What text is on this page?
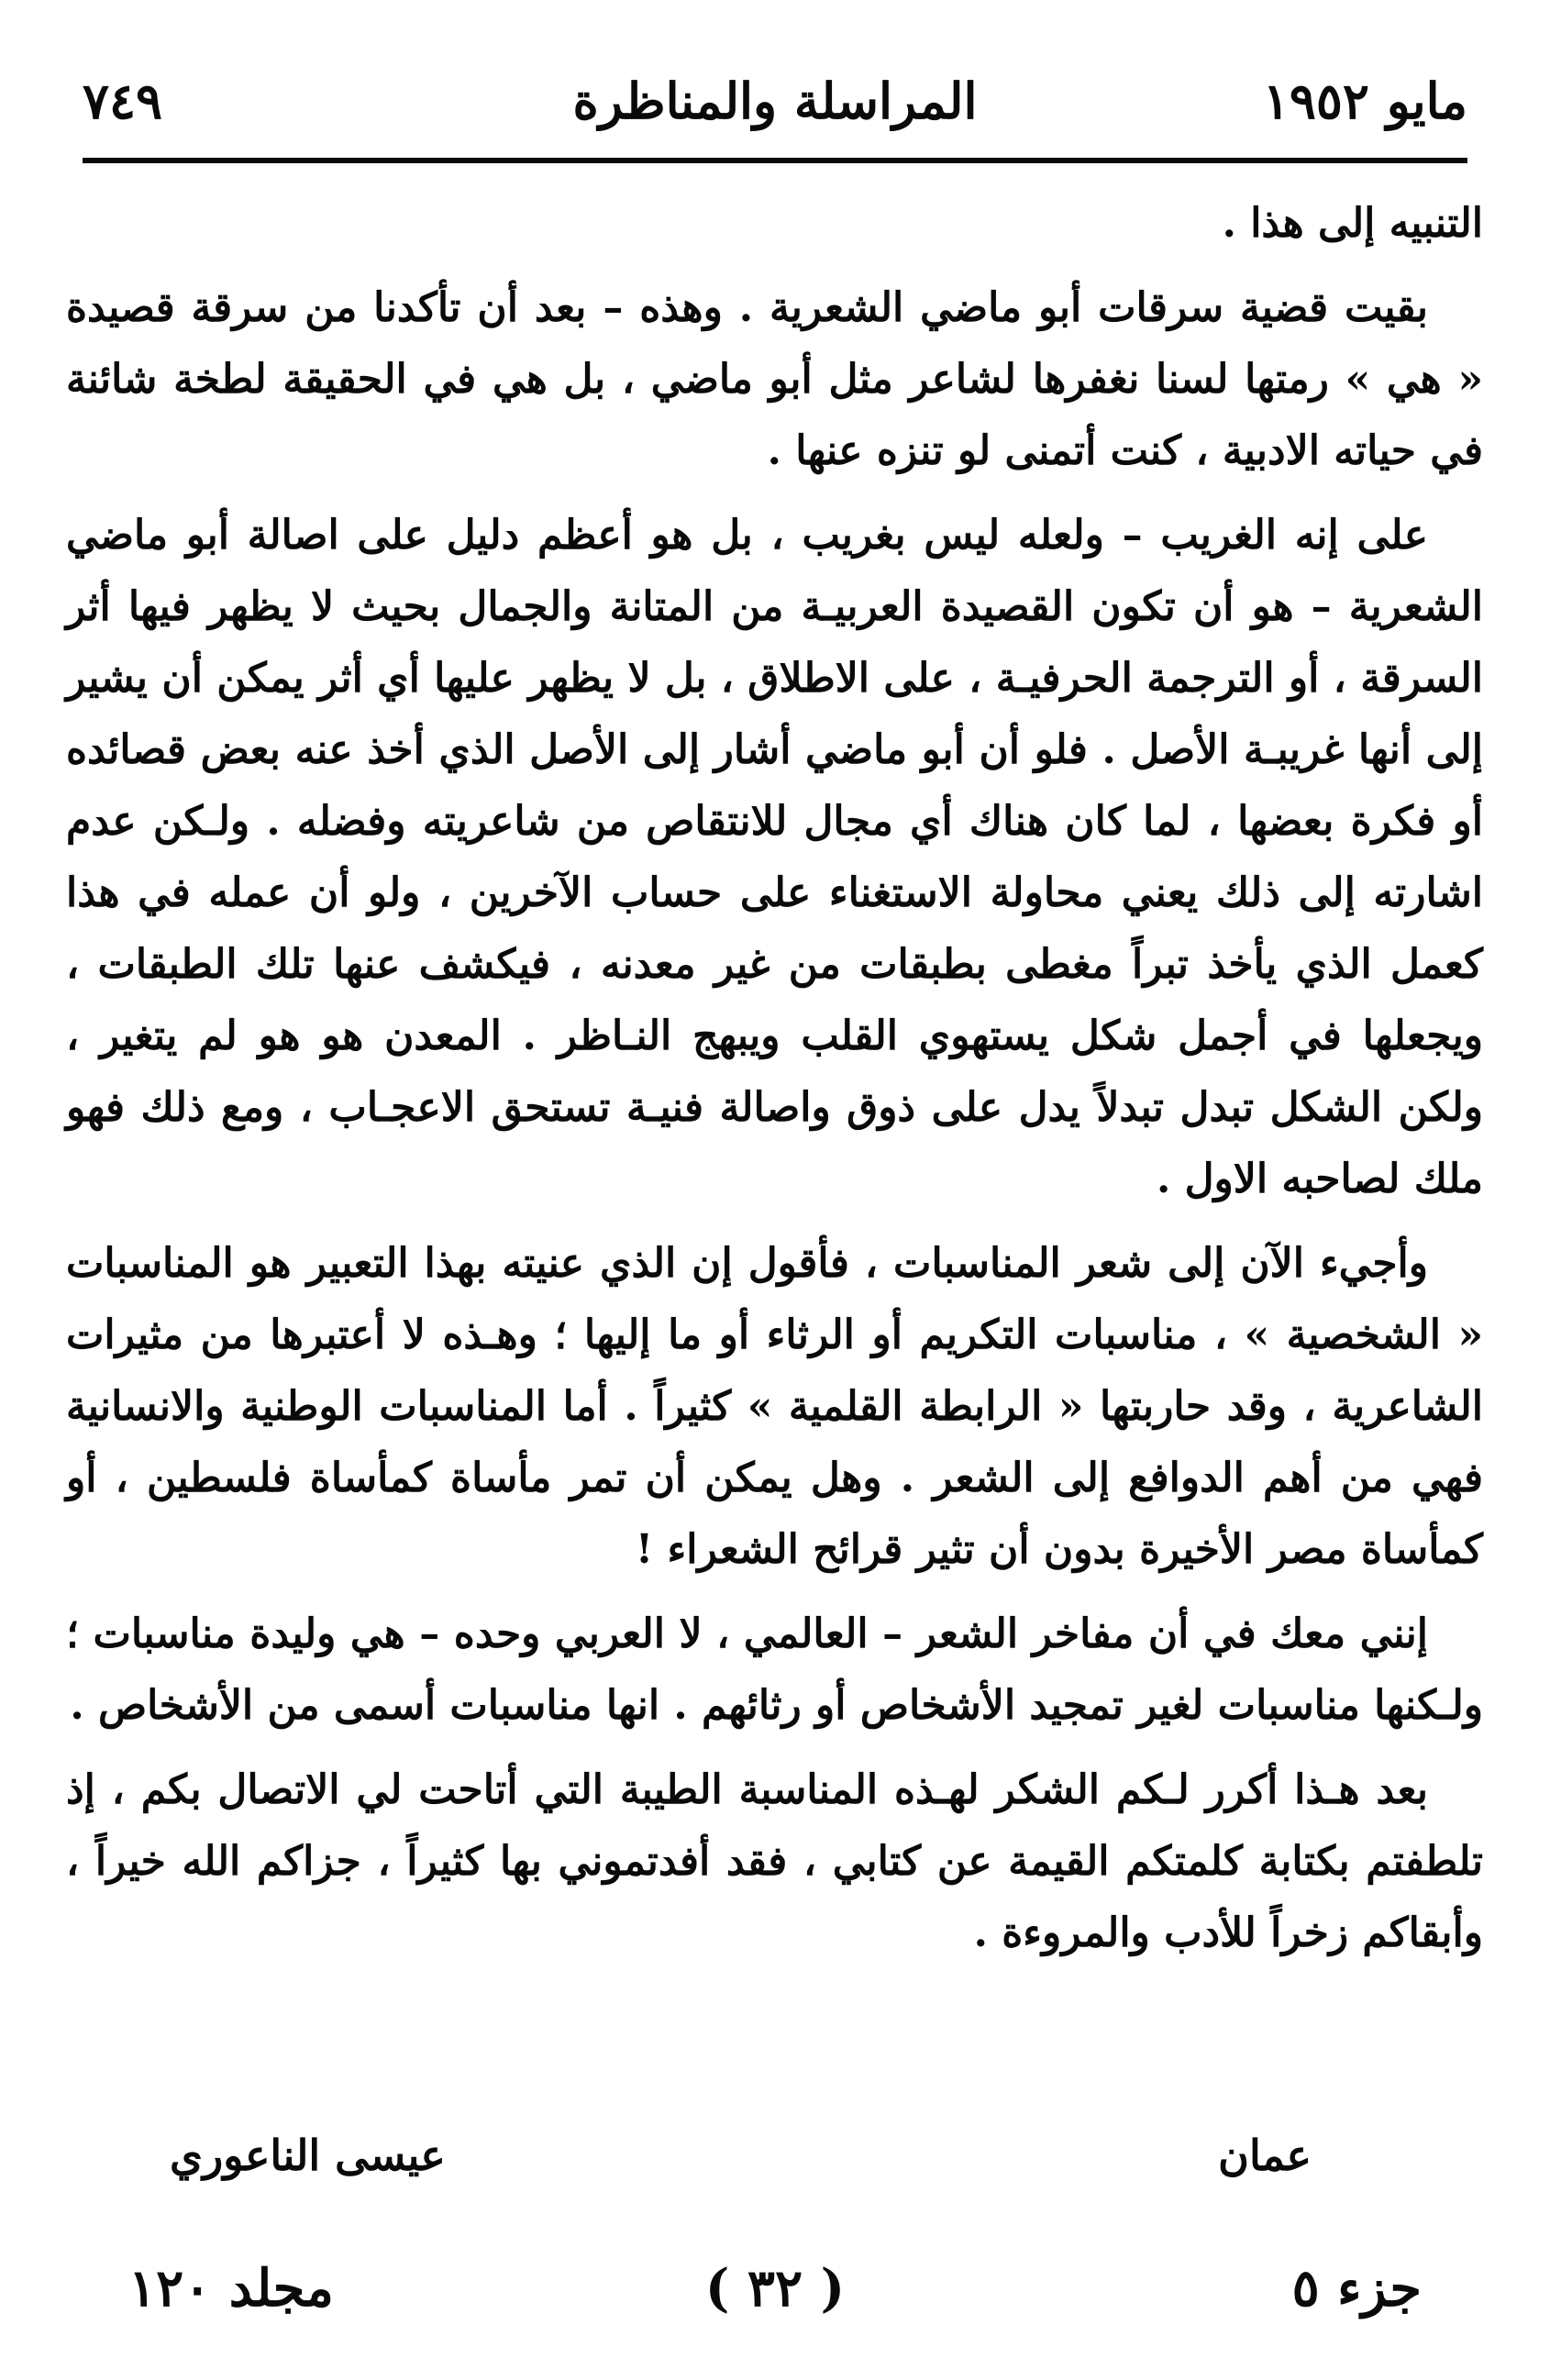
مايو ١٩٥٢
المراسلة والمناظرة
٧٤٩

التنبيه إلى هذا .

بقيت قضية سرقات أبو ماضي الشعرية . وهذه – بعد أن تأكدنا من سرقة قصيدة « هي » رمتها لسنا نغفرها لشاعر مثل أبو ماضي ، بل هي في الحقيقة لطخة شائنة في حياته الادبية ، كنت أتمنى لو تنزه عنها .

على إنه الغريب – ولعله ليس بغريب ، بل هو أعظم دليل على اصالة أبو ماضي الشعرية – هو أن تكون القصيدة العربيـة من المتانة والجمال بحيث لا يظهر فيها أثر السرقة ، أو الترجمة الحرفيـة ، على الاطلاق ، بل لا يظهر عليها أي أثر يمكن أن يشير إلى أنها غريبـة الأصل . فلو أن أبو ماضي أشار إلى الأصل الذي أخذ عنه بعض قصائده أو فكرة بعضها ، لما كان هناك أي مجال للانتقاص من شاعريته وفضله . ولـكن عدم اشارته إلى ذلك يعني محاولة الاستغناء على حساب الآخرين ، ولو أن عمله في هذا كعمل الذي يأخذ تبراً مغطى بطبقات من غير معدنه ، فيكشف عنها تلك الطبقات ، ويجعلها في أجمل شكل يستهوي القلب ويبهج النـاظر . المعدن هو هو لم يتغير ، ولكن الشكل تبدل تبدلاً يدل على ذوق واصالة فنيـة تستحق الاعجـاب ، ومع ذلك فهو ملك لصاحبه الاول .

وأجيء الآن إلى شعر المناسبات ، فأقول إن الذي عنيته بهذا التعبير هو المناسبات « الشخصية » ، مناسبات التكريم أو الرثاء أو ما إليها ؛ وهـذه لا أعتبرها من مثيرات الشاعرية ، وقد حاربتها « الرابطة القلمية » كثيراً . أما المناسبات الوطنية والانسانية فهي من أهم الدوافع إلى الشعر . وهل يمكن أن تمر مأساة كمأساة فلسطين ، أو كمأساة مصر الأخيرة بدون أن تثير قرائح الشعراء !

إنني معك في أن مفاخر الشعر – العالمي ، لا العربي وحده – هي وليدة مناسبات ؛ ولـكنها مناسبات لغير تمجيد الأشخاص أو رثائهم . انها مناسبات أسمى من الأشخاص .

بعد هـذا أكرر لـكم الشكر لهـذه المناسبة الطيبة التي أتاحت لي الاتصال بكم ، إذ تلطفتم بكتابة كلمتكم القيمة عن كتابي ، فقد أفدتموني بها كثيراً ، جزاكم الله خيراً ، وأبقاكم زخراً للأدب والمروءة .

عمان
عيسى الناعوري
جزء ٥
( ٣٢ )
مجلد ١٢٠
